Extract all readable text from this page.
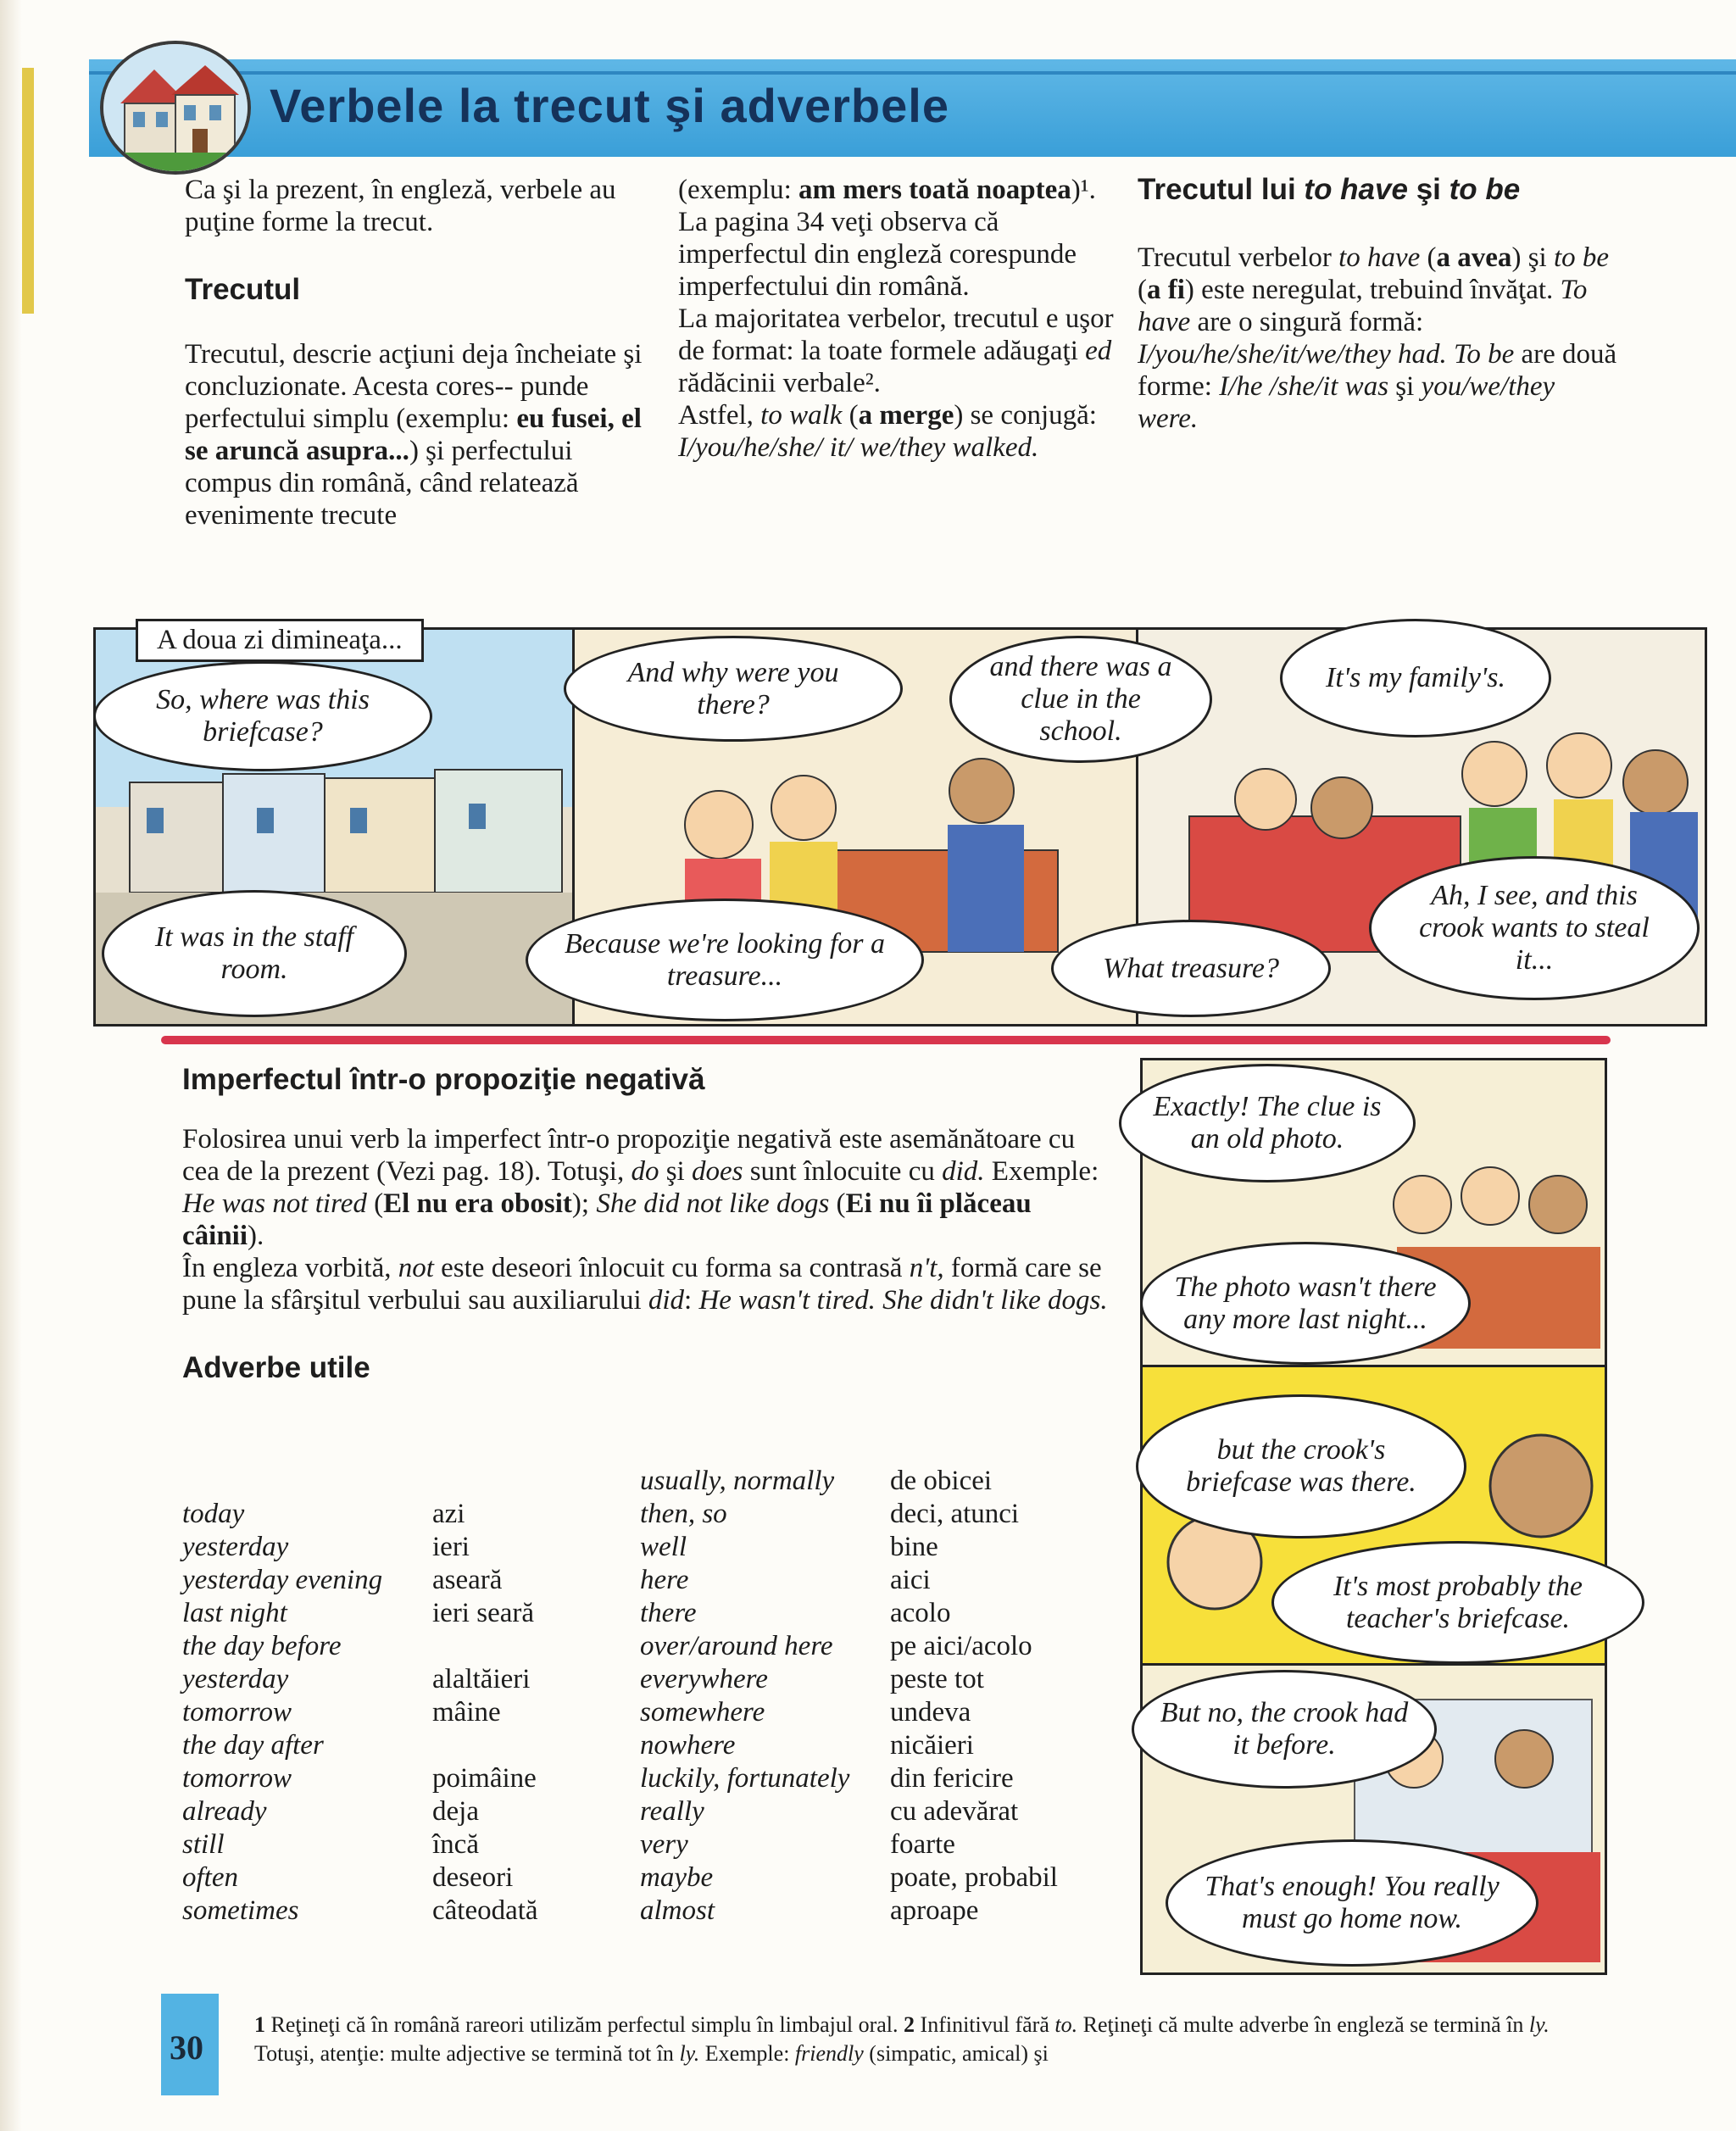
Verbele la trecut şi adverbele

Ca şi la prezent, în engleză, verbele au puţine forme la trecut.

Trecutul

Trecutul, descrie acţiuni deja încheiate şi concluzionate. Acesta cores-- punde perfectului simplu (exemplu: eu fusei, el se aruncă asupra...) şi perfectului compus din română, când relatează evenimente trecute

(exemplu: am mers toată noaptea)¹. La pagina 34 veţi observa că imperfectul din engleză corespunde imperfectului din română.

La majoritatea verbelor, trecutul e uşor de format: la toate formele adăugaţi ed rădăcinii verbale².

Astfel, to walk (a merge) se conjugă: I/you/he/she/ it/ we/they walked.

Trecutul lui to have şi to be

Trecutul verbelor to have (a avea) şi to be (a fi) este neregulat, trebuind învăţat. To have are o singură formă: I/you/he/she/it/we/they had. To be are două forme: I/he /she/it was şi you/we/they were.

A doua zi dimineaţa...
So, where was this briefcase?
It was in the staff room.
And why were you there?
Because we're looking for a treasure...
and there was a clue in the school.
What treasure?
It's my family's.
Ah, I see, and this crook wants to steal it...
Exactly! The clue is an old photo.
The photo wasn't there any more last night...
but the crook's briefcase was there.
It's most probably the teacher's briefcase.
But no, the crook had it before.
That's enough! You really must go home now.

Imperfectul într-o propoziţie negativă

Folosirea unui verb la imperfect într-o propoziţie negativă este asemănătoare cu cea de la prezent (Vezi pag. 18). Totuşi, do şi does sunt înlocuite cu did. Exemple: He was not tired (El nu era obosit); She did not like dogs (Ei nu îi plăceau câinii).

În engleza vorbită, not este deseori înlocuit cu forma sa contrasă n't, formă care se pune la sfârşitul verbului sau auxiliarului did: He wasn't tired. She didn't like dogs.

Adverbe utile

today
yesterday
yesterday evening
last night
the day before
yesterday
tomorrow
the day after
tomorrow
already
still
often
sometimes
azi
ieri
aseară
ieri seară

alaltăieri
mâine

poimâine
deja
încă
deseori
câteodată
usually, normally
then, so
well
here
there
over/around here
everywhere
somewhere
nowhere
luckily, fortunately
really
very
maybe
almost
de obicei
deci, atunci
bine
aici
acolo
pe aici/acolo
peste tot
undeva
nicăieri
din fericire
cu adevărat
foarte
poate, probabil
aproape
30
1 Reţineţi că în română rareori utilizăm perfectul simplu în limbajul oral. 2 Infinitivul fără to. Reţineţi că multe adverbe în engleză se termină în ly. Totuşi, atenţie: multe adjective se termină tot în ly. Exemple: friendly (simpatic, amical) şi
